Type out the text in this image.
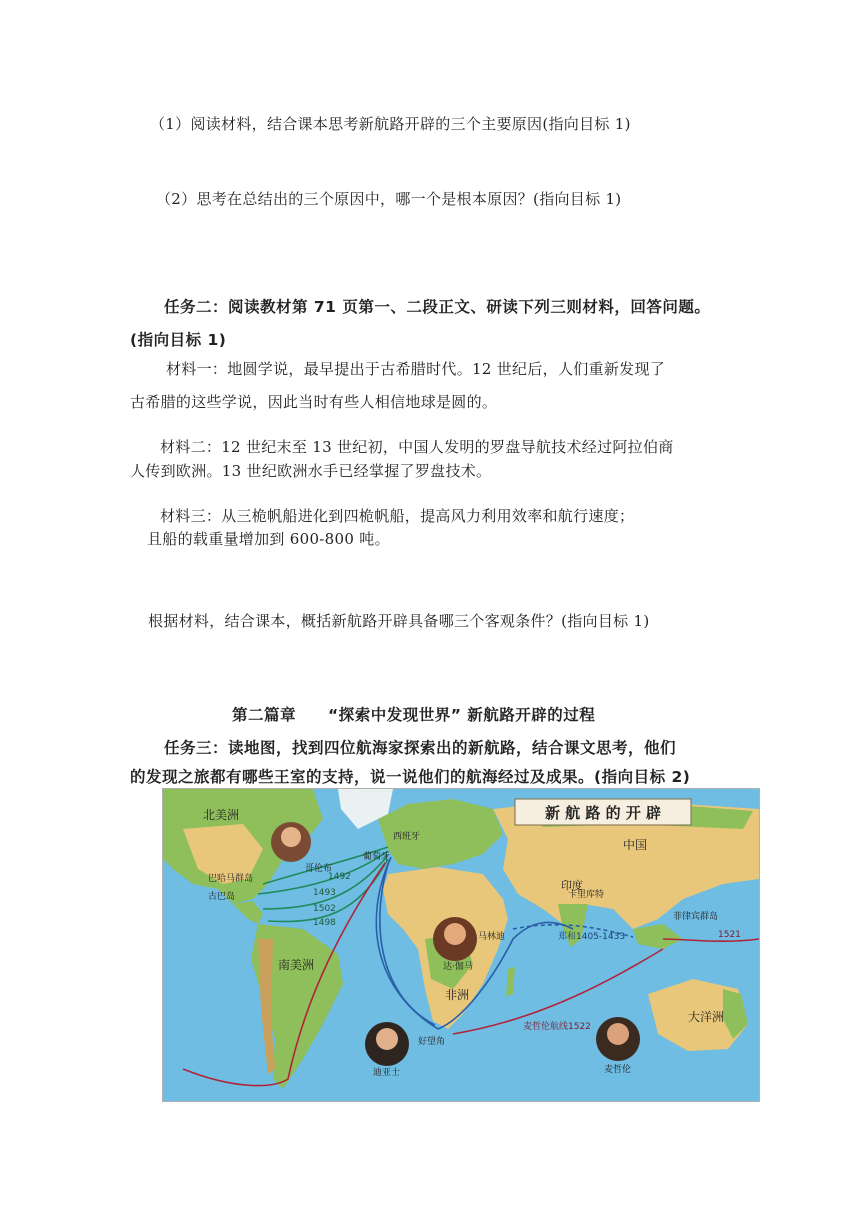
（1）阅读材料，结合课本思考新航路开辟的三个主要原因(指向目标 1)
（2）思考在总结出的三个原因中，哪一个是根本原因？(指向目标 1)
任务二：阅读教材第 71 页第一、二段正文、研读下列三则材料，回答问题。
(指向目标 1)
材料一：地圆学说，最早提出于古希腊时代。12 世纪后，人们重新发现了
古希腊的这些学说，因此当时有些人相信地球是圆的。
材料二：12 世纪末至 13 世纪初，中国人发明的罗盘导航技术经过阿拉伯商
人传到欧洲。13 世纪欧洲水手已经掌握了罗盘技术。
材料三：从三桅帆船进化到四桅帆船，提高风力利用效率和航行速度；
且船的载重量增加到 600-800 吨。
根据材料，结合课本，概括新航路开辟具备哪三个客观条件？(指向目标 1)
第二篇章　　“探索中发现世界” 新航路开辟的过程
任务三：读地图，找到四位航海家探索出的新航路，结合课文思考，他们
的发现之旅都有哪些王室的支持，说一说他们的航海经过及成果。(指向目标 2)
新 航 路 的 开 辟
哥伦布
达·伽马
迪亚士	麦哲伦
西班牙
葡萄牙
巴哈马群岛
古巴岛
菲律宾群岛
好望角
卡里库特
马林迪
中国
印度
北美洲
南美洲
非洲
大洋洲
1492
1493
1502
1498
1521
麦哲伦航线1522
郑和1405-1433
